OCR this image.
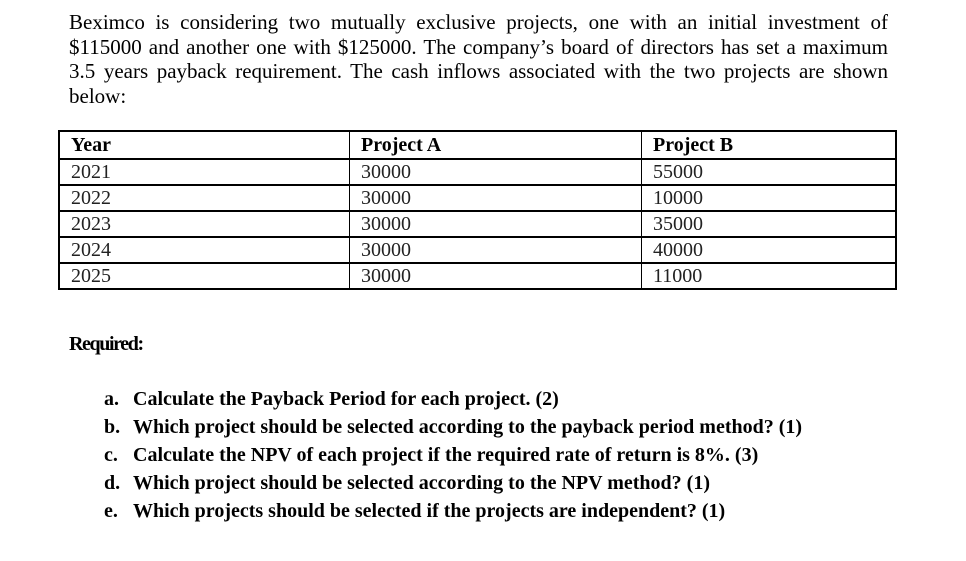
Beximco is considering two mutually exclusive projects, one with an initial investment of $115000 and another one with $125000. The company’s board of directors has set a maximum 3.5 years payback requirement. The cash inflows associated with the two projects are shown below:

Year	Project A	Project B
2021	30000	55000
2022	30000	10000
2023	30000	35000
2024	30000	40000
2025	30000	11000

Required:

a. Calculate the Payback Period for each project. (2)
b. Which project should be selected according to the payback period method? (1)
c. Calculate the NPV of each project if the required rate of return is 8%. (3)
d. Which project should be selected according to the NPV method? (1)
e. Which projects should be selected if the projects are independent? (1)
